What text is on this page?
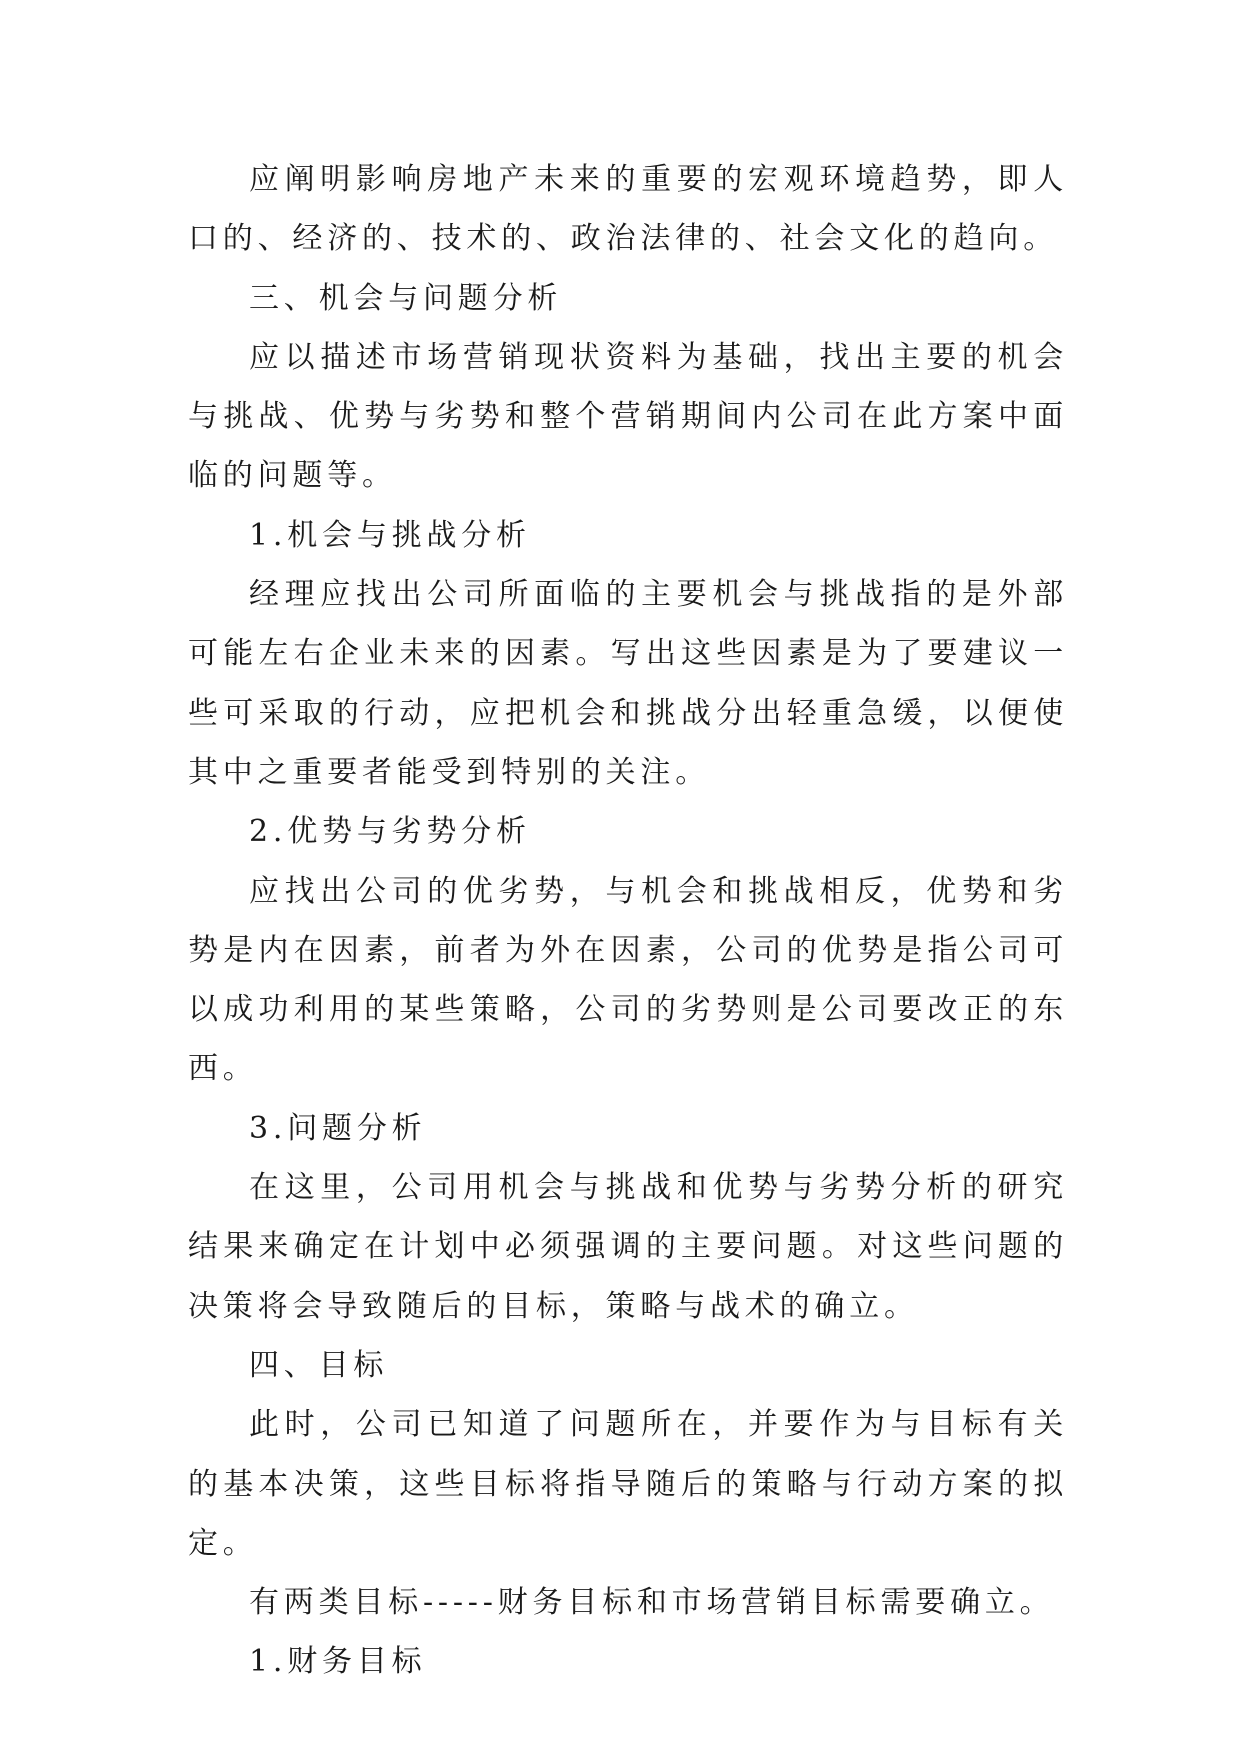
应阐明影响房地产未来的重要的宏观环境趋势，即人口的、经济的、技术的、政治法律的、社会文化的趋向。

三、机会与问题分析

应以描述市场营销现状资料为基础，找出主要的机会与挑战、优势与劣势和整个营销期间内公司在此方案中面临的问题等。

1.机会与挑战分析

经理应找出公司所面临的主要机会与挑战指的是外部可能左右企业未来的因素。写出这些因素是为了要建议一些可采取的行动，应把机会和挑战分出轻重急缓，以便使其中之重要者能受到特别的关注。

2.优势与劣势分析

应找出公司的优劣势，与机会和挑战相反，优势和劣势是内在因素，前者为外在因素，公司的优势是指公司可以成功利用的某些策略，公司的劣势则是公司要改正的东西。

3.问题分析

在这里，公司用机会与挑战和优势与劣势分析的研究结果来确定在计划中必须强调的主要问题。对这些问题的决策将会导致随后的目标，策略与战术的确立。

四、目标

此时，公司已知道了问题所在，并要作为与目标有关的基本决策，这些目标将指导随后的策略与行动方案的拟定。

有两类目标-----财务目标和市场营销目标需要确立。

1.财务目标
